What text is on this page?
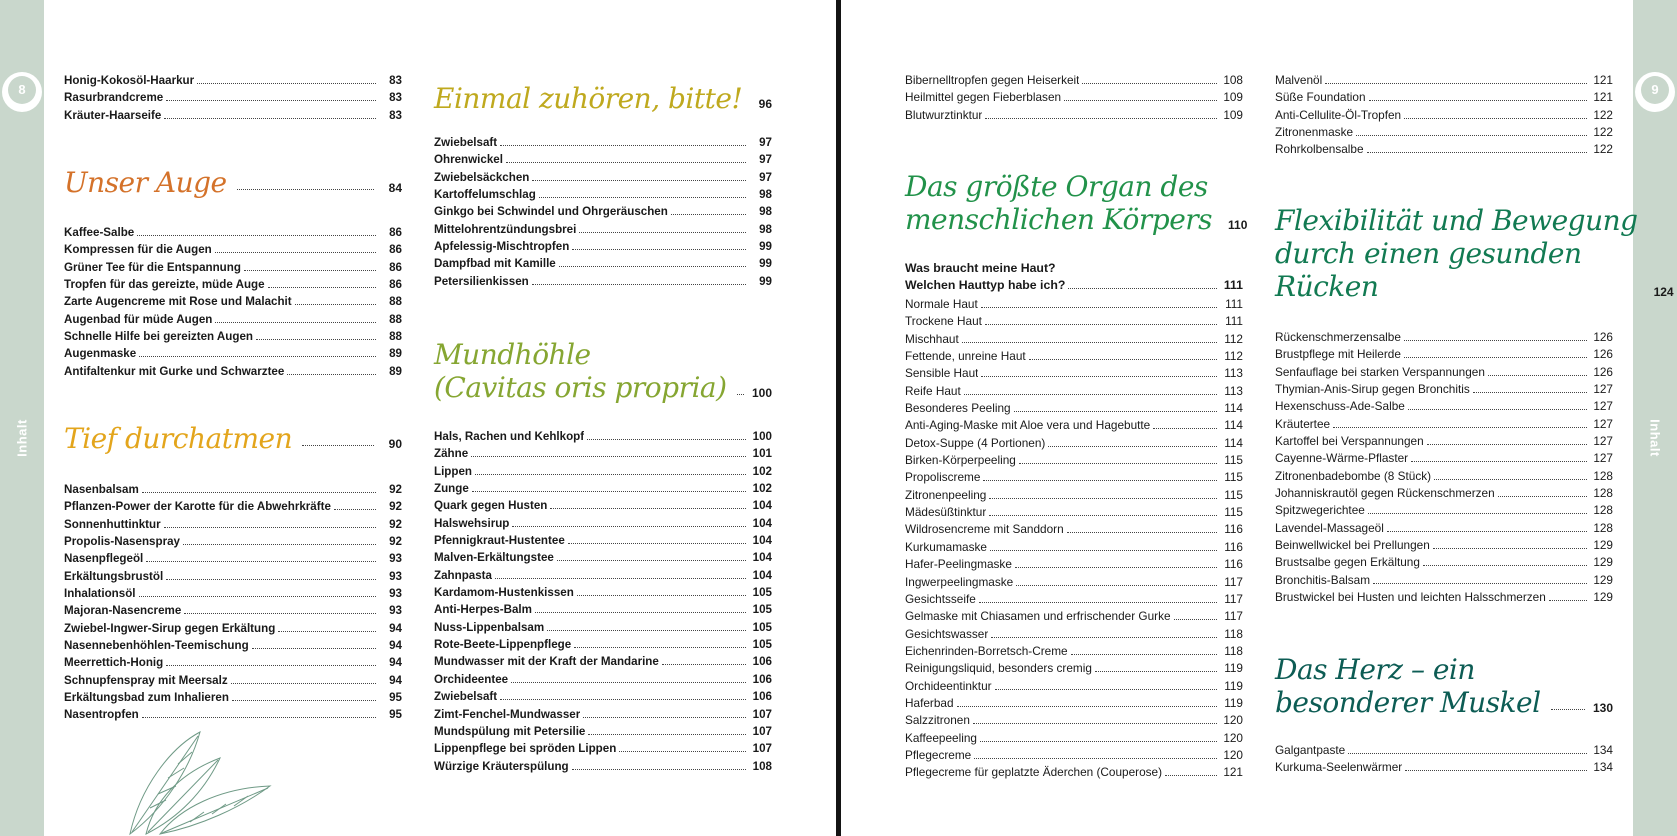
8
Inhalt
Honig-Kokosöl-Haarkur	83
Rasurbrandcreme	83
Kräuter-Haarseife	83
Unser Auge	84
Kaffee-Salbe	86
Kompressen für die Augen	86
Grüner Tee für die Entspannung	86
Tropfen für das gereizte, müde Auge	86
Zarte Augencreme mit Rose und Malachit	88
Augenbad für müde Augen	88
Schnelle Hilfe bei gereizten Augen	88
Augenmaske	89
Antifaltenkur mit Gurke und Schwarztee	89
Tief durchatmen	90
Nasenbalsam	92
Pflanzen-Power der Karotte für die Abwehrkräfte	92
Sonnenhuttinktur	92
Propolis-Nasenspray	92
Nasenpflegeöl	93
Erkältungsbrustöl	93
Inhalationsöl	93
Majoran-Nasencreme	93
Zwiebel-Ingwer-Sirup gegen Erkältung	94
Nasennebenhöhlen-Teemischung	94
Meerrettich-Honig	94
Schnupfenspray mit Meersalz	94
Erkältungsbad zum Inhalieren	95
Nasentropfen	95
Einmal zuhören, bitte! 96
Zwiebelsaft	97
Ohrenwickel	97
Zwiebelsäckchen	97
Kartoffelumschlag	98
Ginkgo bei Schwindel und Ohrgeräuschen	98
Mittelohrentzündungsbrei	98
Apfelessig-Mischtropfen	99
Dampfbad mit Kamille	99
Petersilienkissen	99
Mundhöhle
(Cavitas oris propria) 100
Hals, Rachen und Kehlkopf	100
Zähne	101
Lippen	102
Zunge	102
Quark gegen Husten	104
Halswehsirup	104
Pfennigkraut-Hustentee	104
Malven-Erkältungstee	104
Zahnpasta	104
Kardamom-Hustenkissen	105
Anti-Herpes-Balm	105
Nuss-Lippenbalsam	105
Rote-Beete-Lippenpflege	105
Mundwasser mit der Kraft der Mandarine	106
Orchideentee	106
Zwiebelsaft	106
Zimt-Fenchel-Mundwasser	107
Mundspülung mit Petersilie	107
Lippenpflege bei spröden Lippen	107
Würzige Kräuterspülung	108
9
Inhalt
Bibernelltropfen gegen Heiserkeit	108
Heilmittel gegen Fieberblasen	109
Blutwurztinktur	109
Das größte Organ des
menschlichen Körpers 110
Was braucht meine Haut?
Welchen Hauttyp habe ich?	111
Normale Haut	111
Trockene Haut	111
Mischhaut	112
Fettende, unreine Haut	112
Sensible Haut	113
Reife Haut	113
Besonderes Peeling	114
Anti-Aging-Maske mit Aloe vera und Hagebutte	114
Detox-Suppe (4 Portionen)	114
Birken-Körperpeeling	115
Propoliscreme	115
Zitronenpeeling	115
Mädesüßtinktur	115
Wildrosencreme mit Sanddorn	116
Kurkumamaske	116
Hafer-Peelingmaske	116
Ingwerpeelingmaske	117
Gesichtsseife	117
Gelmaske mit Chiasamen und erfrischender Gurke	117
Gesichtswasser	118
Eichenrinden-Borretsch-Creme	118
Reinigungsliquid, besonders cremig	119
Orchideentinktur	119
Haferbad	119
Salzzitronen	120
Kaffeepeeling	120
Pflegecreme	120
Pflegecreme für geplatzte Äderchen (Couperose)	121
Malvenöl	121
Süße Foundation	121
Anti-Cellulite-Öl-Tropfen	122
Zitronenmaske	122
Rohrkolbensalbe	122
Flexibilität und Bewegung
durch einen gesunden
Rücken	124
Rückenschmerzensalbe	126
Brustpflege mit Heilerde	126
Senfauflage bei starken Verspannungen	126
Thymian-Anis-Sirup gegen Bronchitis	127
Hexenschuss-Ade-Salbe	127
Kräutertee	127
Kartoffel bei Verspannungen	127
Cayenne-Wärme-Pflaster	127
Zitronenbadebombe (8 Stück)	128
Johanniskrautöl gegen Rückenschmerzen	128
Spitzwegerichtee	128
Lavendel-Massageöl	128
Beinwellwickel bei Prellungen	129
Brustsalbe gegen Erkältung	129
Bronchitis-Balsam	129
Brustwickel bei Husten und leichten Halsschmerzen	129
Das Herz – ein
besonderer Muskel	130
Galgantpaste	134
Kurkuma-Seelenwärmer	134
